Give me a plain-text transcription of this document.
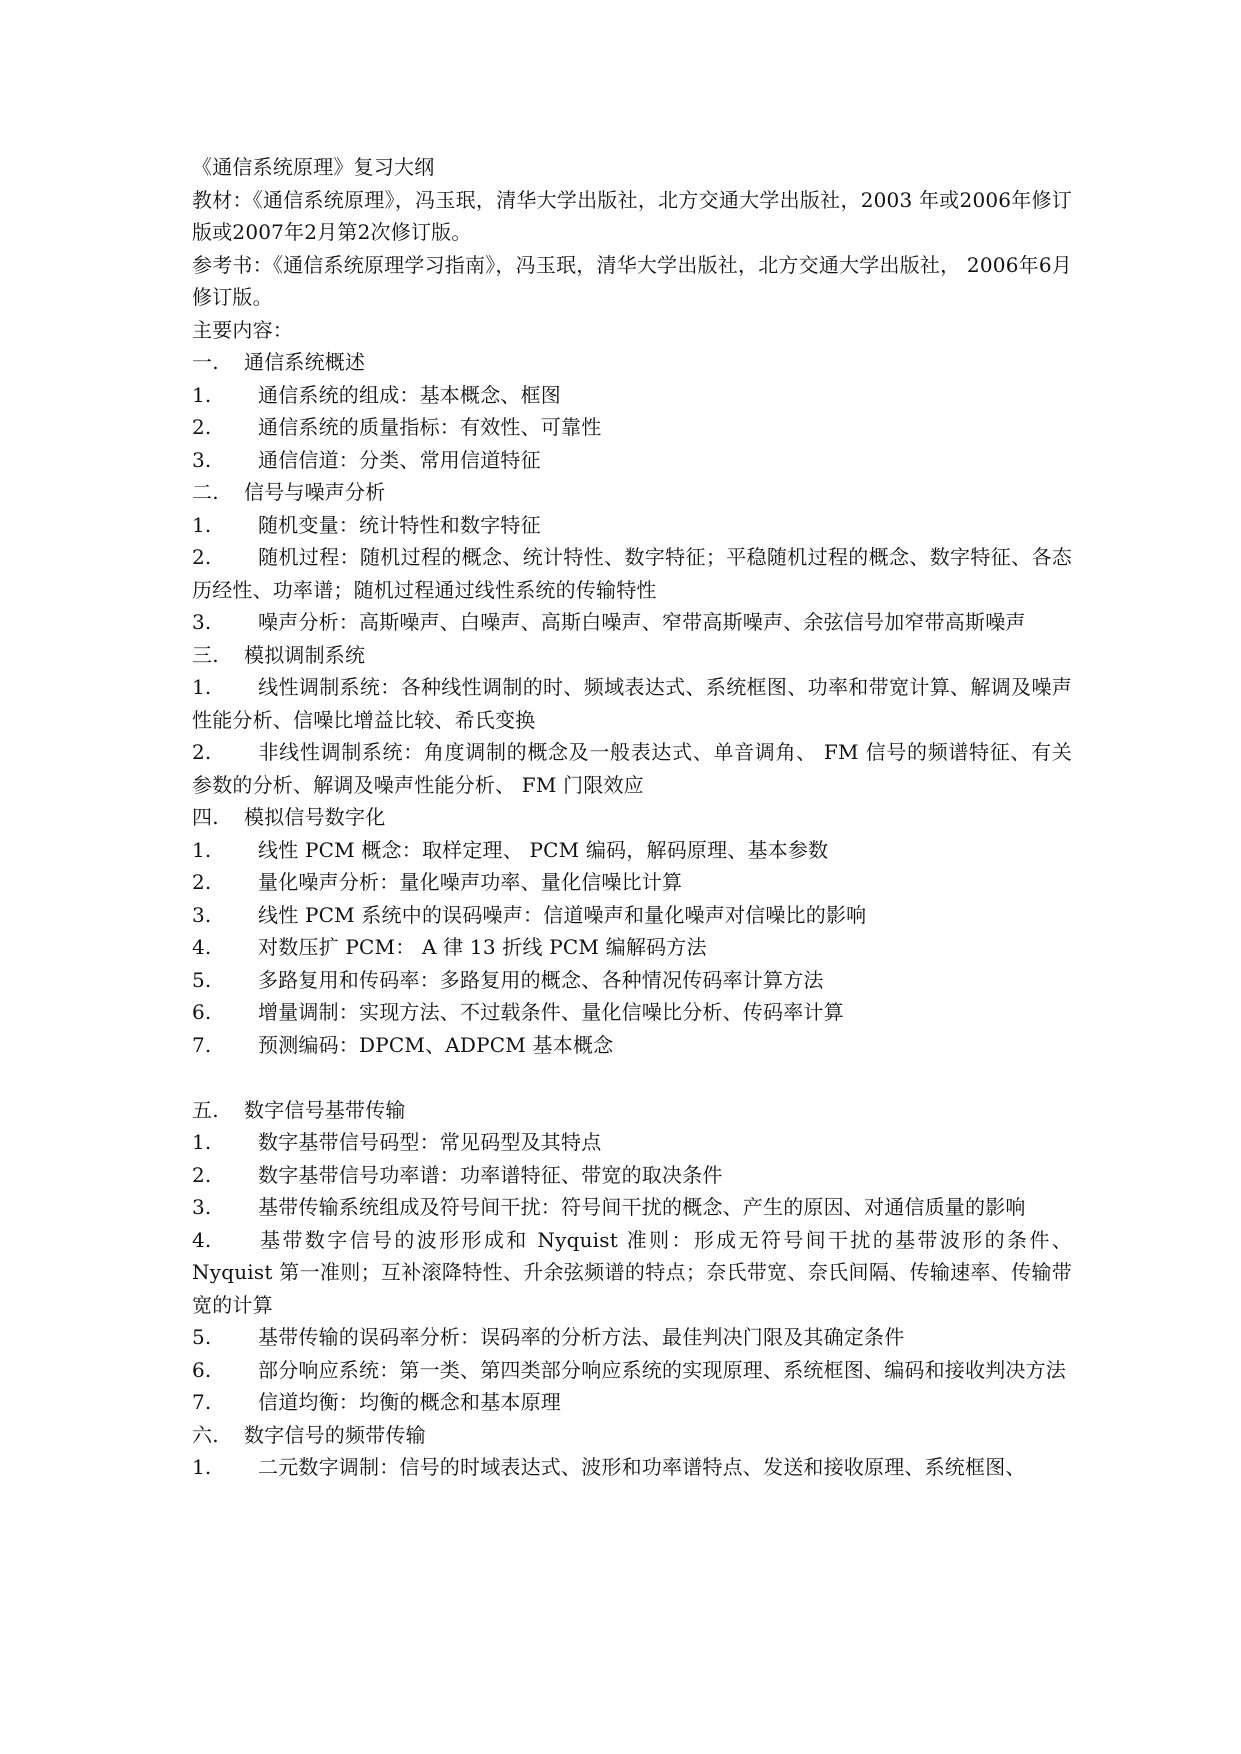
《通信系统原理》复习大纲
教材：《通信系统原理》，冯玉珉，清华大学出版社，北方交通大学出版社，2003 年或2006年修订版或2007年2月第2次修订版。
参考书：《通信系统原理学习指南》，冯玉珉，清华大学出版社，北方交通大学出版社， 2006年6月修订版。
主要内容：
一. 通信系统概述
1. 通信系统的组成：基本概念、框图
2. 通信系统的质量指标：有效性、可靠性
3. 通信信道：分类、常用信道特征
二. 信号与噪声分析
1. 随机变量：统计特性和数字特征
2. 随机过程：随机过程的概念、统计特性、数字特征；平稳随机过程的概念、数字特征、各态历经性、功率谱；随机过程通过线性系统的传输特性
3. 噪声分析：高斯噪声、白噪声、高斯白噪声、窄带高斯噪声、余弦信号加窄带高斯噪声
三. 模拟调制系统
1. 线性调制系统：各种线性调制的时、频域表达式、系统框图、功率和带宽计算、解调及噪声性能分析、信噪比增益比较、希氏变换
2. 非线性调制系统：角度调制的概念及一般表达式、单音调角、 FM 信号的频谱特征、有关参数的分析、解调及噪声性能分析、 FM 门限效应
四. 模拟信号数字化
1. 线性 PCM 概念：取样定理、 PCM 编码，解码原理、基本参数
2. 量化噪声分析：量化噪声功率、量化信噪比计算
3. 线性 PCM 系统中的误码噪声：信道噪声和量化噪声对信噪比的影响
4. 对数压扩 PCM： A 律 13 折线 PCM 编解码方法
5. 多路复用和传码率：多路复用的概念、各种情况传码率计算方法
6. 增量调制：实现方法、不过载条件、量化信噪比分析、传码率计算
7. 预测编码：DPCM、ADPCM 基本概念
五. 数字信号基带传输
1. 数字基带信号码型：常见码型及其特点
2. 数字基带信号功率谱：功率谱特征、带宽的取决条件
3. 基带传输系统组成及符号间干扰：符号间干扰的概念、产生的原因、对通信质量的影响
4. 基带数字信号的波形形成和 Nyquist 准则：形成无符号间干扰的基带波形的条件、Nyquist 第一准则；互补滚降特性、升余弦频谱的特点；奈氏带宽、奈氏间隔、传输速率、传输带宽的计算
5. 基带传输的误码率分析：误码率的分析方法、最佳判决门限及其确定条件
6. 部分响应系统：第一类、第四类部分响应系统的实现原理、系统框图、编码和接收判决方法
7. 信道均衡：均衡的概念和基本原理
六. 数字信号的频带传输
1. 二元数字调制：信号的时域表达式、波形和功率谱特点、发送和接收原理、系统框图、
